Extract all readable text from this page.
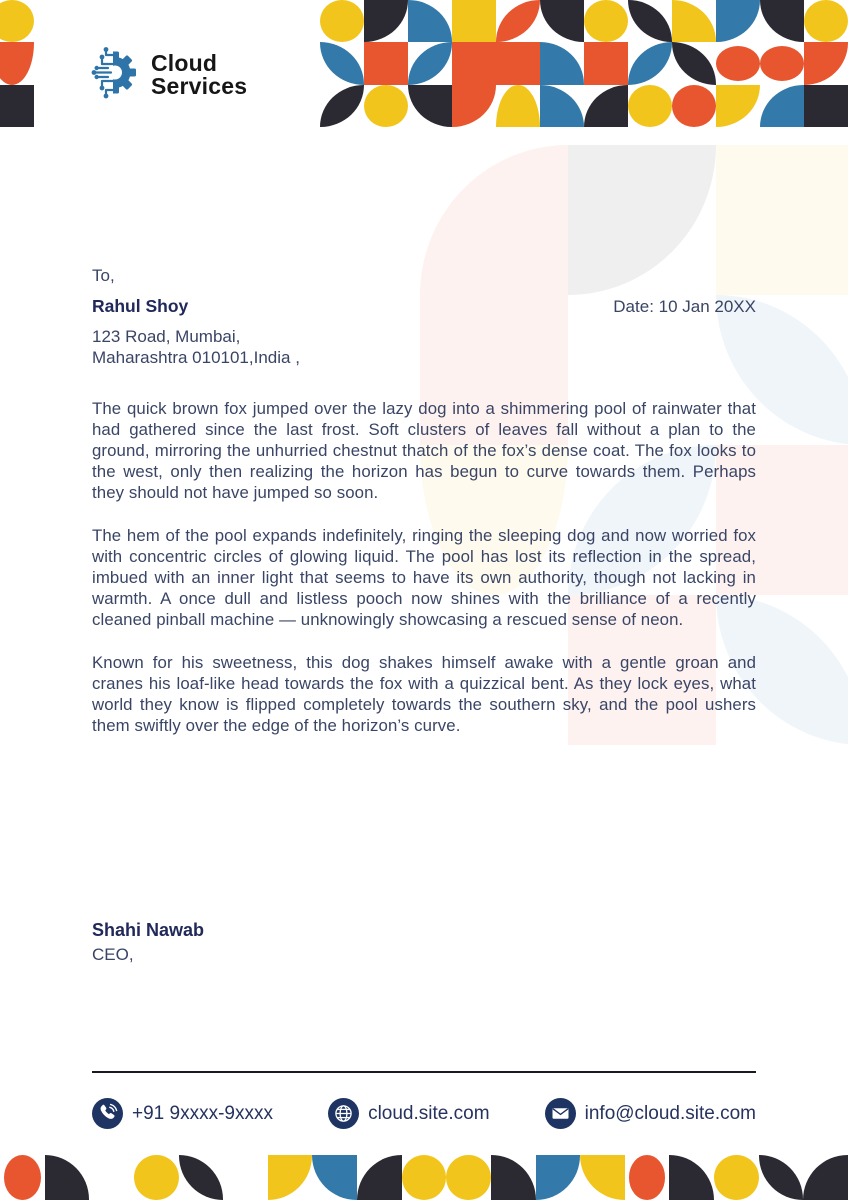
Cloud
Services

To,

Rahul Shoy

123 Road, Mumbai,

Maharashtra 010101,India ,

Date: 10 Jan 20XX

The quick brown fox jumped over the lazy dog into a shimmering pool of rainwater that had gathered since the last frost. Soft clusters of leaves fall without a plan to the ground, mirroring the unhurried chestnut thatch of the fox’s dense coat. The fox looks to the west, only then realizing the horizon has begun to curve towards them. Perhaps they should not have jumped so soon.

The hem of the pool expands indefinitely, ringing the sleeping dog and now worried fox with concentric circles of glowing liquid. The pool has lost its reflection in the spread, imbued with an inner light that seems to have its own authority, though not lacking in warmth. A once dull and listless pooch now shines with the brilliance of a recently cleaned pinball machine — unknowingly showcasing a rescued sense of neon.

Known for his sweetness, this dog shakes himself awake with a gentle groan and cranes his loaf-like head towards the fox with a quizzical bent. As they lock eyes, what world they know is flipped completely towards the southern sky, and the pool ushers them swiftly over the edge of the horizon’s curve.

Shahi Nawab

CEO,

+91 9xxxx-9xxxx	cloud.site.com	info@cloud.site.com
